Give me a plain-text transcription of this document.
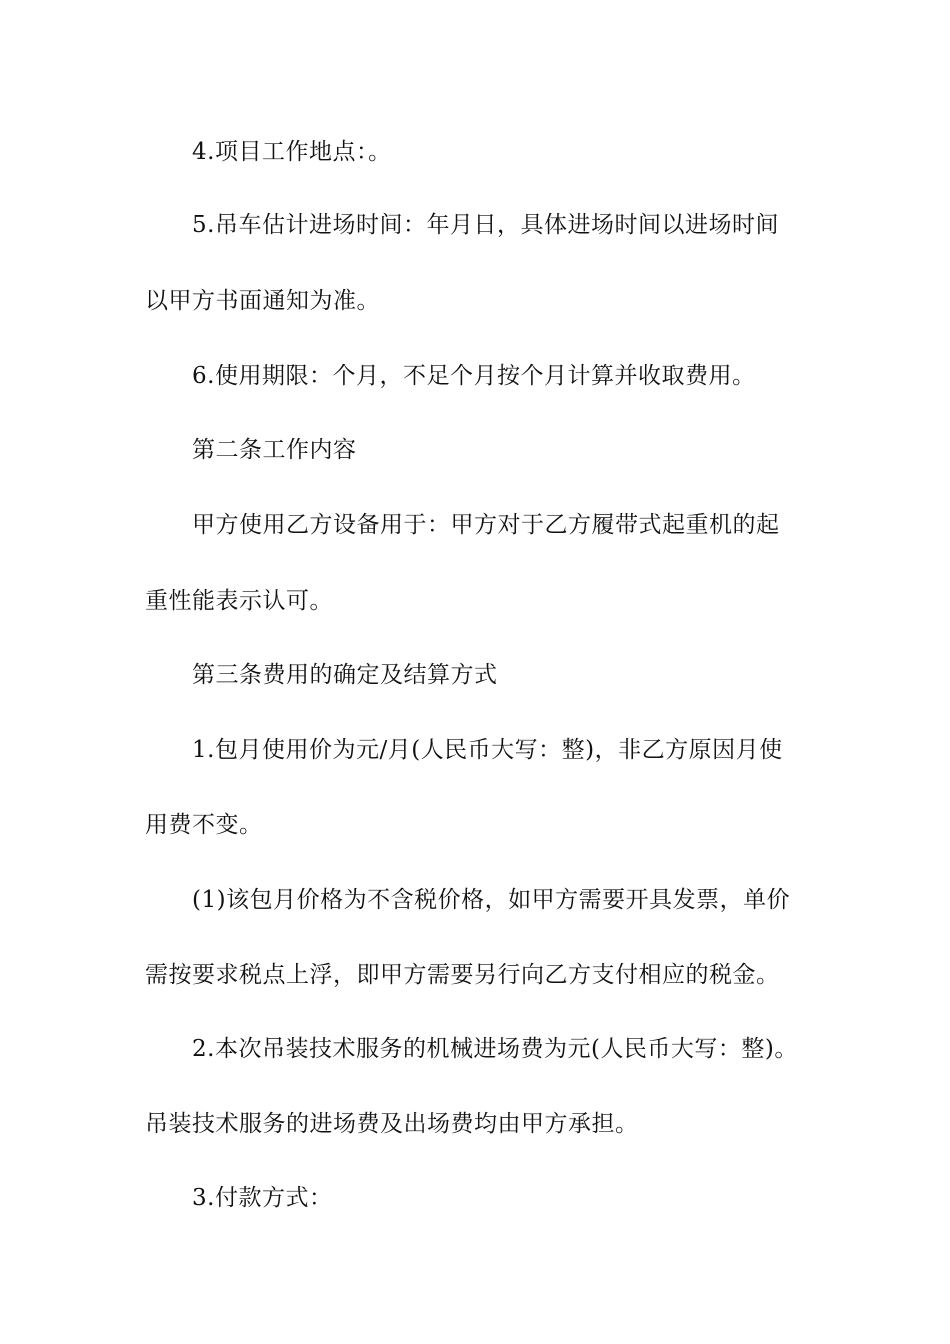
4.项目工作地点：。
5.吊车估计进场时间：年月日，具体进场时间以进场时间
以甲方书面通知为准。
6.使用期限：个月，不足个月按个月计算并收取费用。
第二条工作内容
甲方使用乙方设备用于：甲方对于乙方履带式起重机的起
重性能表示认可。
第三条费用的确定及结算方式
1.包月使用价为元/月(人民币大写：整)，非乙方原因月使
用费不变。
(1)该包月价格为不含税价格，如甲方需要开具发票，单价
需按要求税点上浮，即甲方需要另行向乙方支付相应的税金。
2.本次吊装技术服务的机械进场费为元(人民币大写：整)。
吊装技术服务的进场费及出场费均由甲方承担。
3.付款方式：
